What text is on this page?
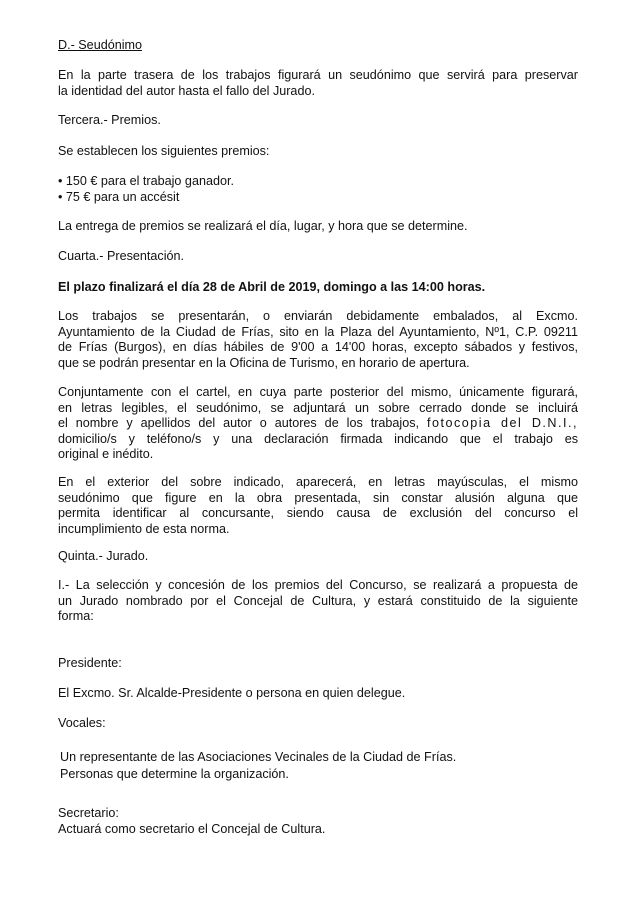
D.- Seudónimo
En la parte trasera de los trabajos figurará un seudónimo que servirá para preservar
la identidad del autor hasta el fallo del Jurado.
Tercera.- Premios.
Se establecen los siguientes premios:
• 150 € para el trabajo ganador.
• 75 € para un accésit
La entrega de premios se realizará el día, lugar, y hora que se determine.
Cuarta.- Presentación.
El plazo finalizará el día 28 de Abril de 2019, domingo a las 14:00 horas.
Los trabajos se presentarán, o enviarán debidamente embalados, al Excmo.
Ayuntamiento de la Ciudad de Frías, sito en la Plaza del Ayuntamiento, Nº1, C.P. 09211
de Frías (Burgos), en días hábiles de 9'00 a 14'00 horas, excepto sábados y festivos,
que se podrán presentar en la Oficina de Turismo, en horario de apertura.
Conjuntamente con el cartel, en cuya parte posterior del mismo, únicamente figurará,
en letras legibles, el seudónimo, se adjuntará un sobre cerrado donde se incluirá
el nombre y apellidos del autor o autores de los trabajos, fotocopia del D.N.I.,
domicilio/s y teléfono/s y una declaración firmada indicando que el trabajo es
original e inédito.
En el exterior del sobre indicado, aparecerá, en letras mayúsculas, el mismo
seudónimo que figure en la obra presentada, sin constar alusión alguna que
permita identificar al concursante, siendo causa de exclusión del concurso el
incumplimiento de esta norma.
Quinta.- Jurado.
I.- La selección y concesión de los premios del Concurso, se realizará a propuesta de
un Jurado nombrado por el Concejal de Cultura, y estará constituido de la siguiente
forma:
Presidente:
El Excmo. Sr. Alcalde-Presidente o persona en quien delegue.
Vocales:
Un representante de las Asociaciones Vecinales de la Ciudad de Frías.
Personas que determine la organización.
Secretario:
Actuará como secretario el Concejal de Cultura.
